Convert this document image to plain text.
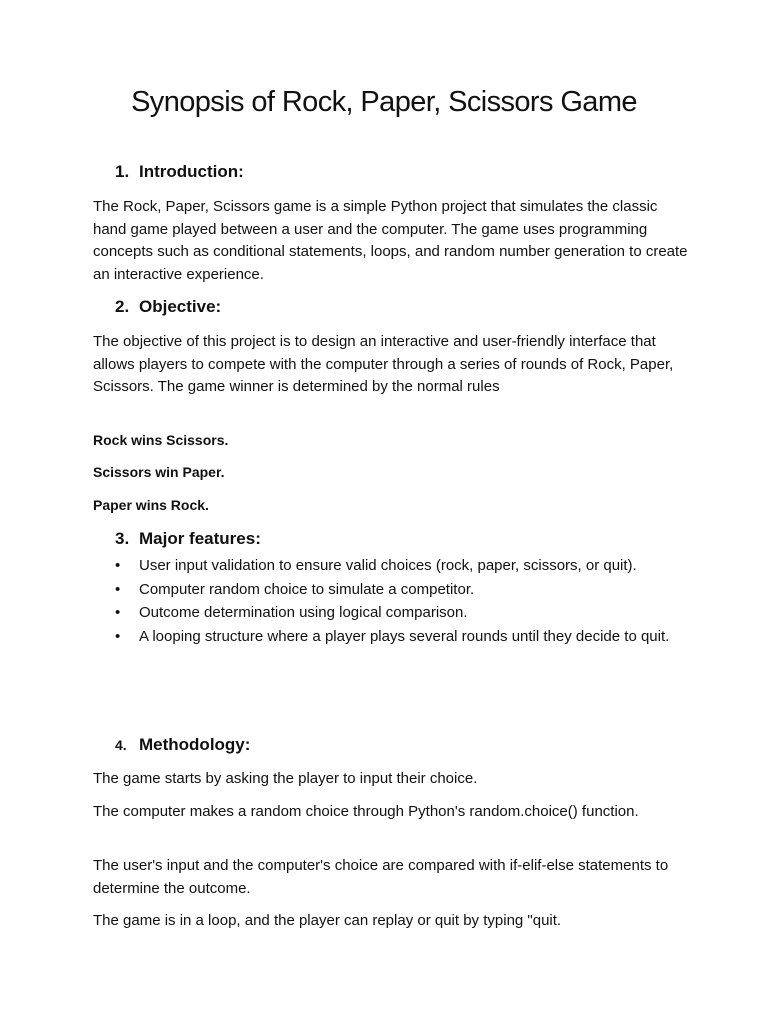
Synopsis of Rock, Paper, Scissors Game
1. Introduction:

The Rock, Paper, Scissors game is a simple Python project that simulates the classic hand game played between a user and the computer. The game uses programming concepts such as conditional statements, loops, and random number generation to create an interactive experience.

2. Objective:

The objective of this project is to design an interactive and user-friendly interface that allows players to compete with the computer through a series of rounds of Rock, Paper, Scissors. The game winner is determined by the normal rules

Rock wins Scissors.
Scissors win Paper.
Paper wins Rock.
3. Major features:
• User input validation to ensure valid choices (rock, paper, scissors, or quit).
• Computer random choice to simulate a competitor.
• Outcome determination using logical comparison.
• A looping structure where a player plays several rounds until they decide to quit.
4. Methodology:

The game starts by asking the player to input their choice.

The computer makes a random choice through Python's random.choice() function.

The user's input and the computer's choice are compared with if-elif-else statements to determine the outcome.

The game is in a loop, and the player can replay or quit by typing "quit.
